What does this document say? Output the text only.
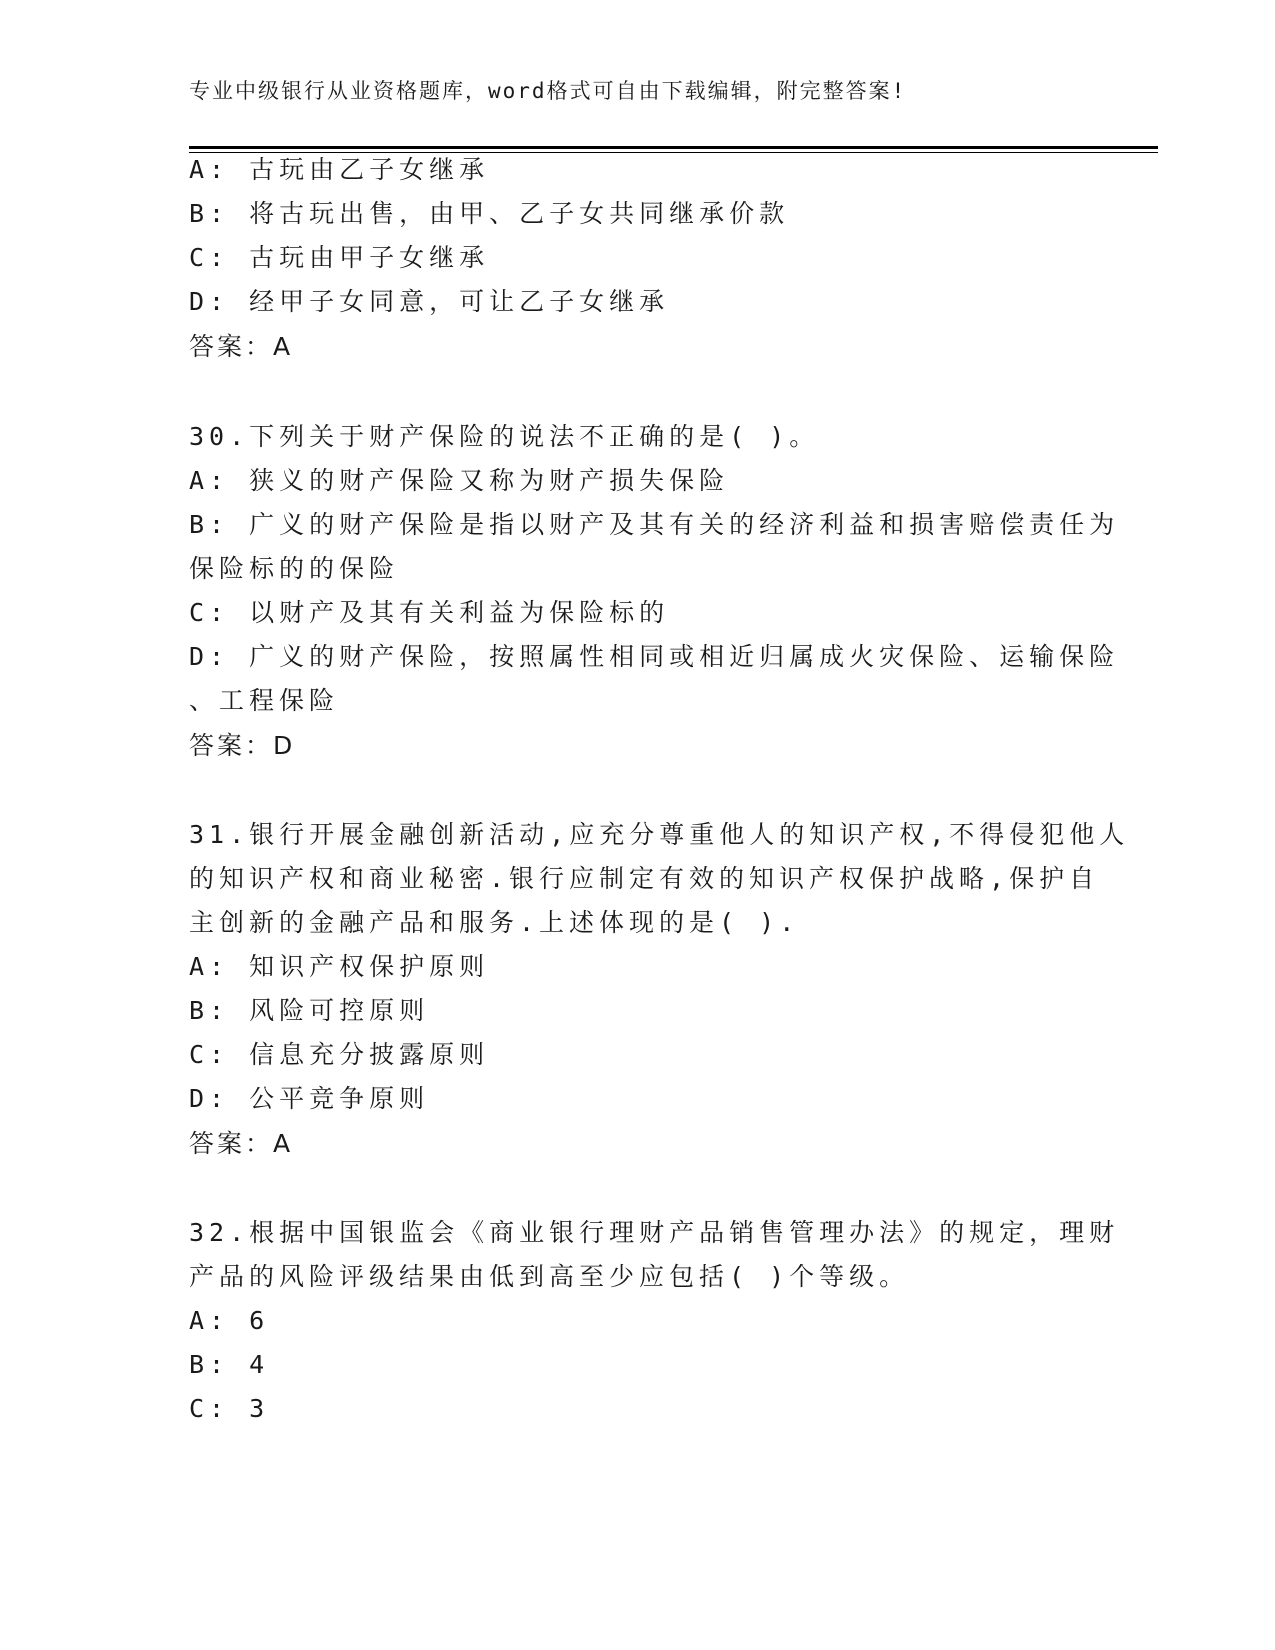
专业中级银行从业资格题库，word格式可自由下载编辑，附完整答案!
A: 古玩由乙子女继承
B: 将古玩出售，由甲、乙子女共同继承价款
C: 古玩由甲子女继承
D: 经甲子女同意，可让乙子女继承
答案：A
30.下列关于财产保险的说法不正确的是( )。
A: 狭义的财产保险又称为财产损失保险
B: 广义的财产保险是指以财产及其有关的经济利益和损害赔偿责任为
保险标的的保险
C: 以财产及其有关利益为保险标的
D: 广义的财产保险，按照属性相同或相近归属成火灾保险、运输保险
、工程保险
答案：D
31.银行开展金融创新活动,应充分尊重他人的知识产权,不得侵犯他人
的知识产权和商业秘密.银行应制定有效的知识产权保护战略,保护自
主创新的金融产品和服务.上述体现的是( ).
A: 知识产权保护原则
B: 风险可控原则
C: 信息充分披露原则
D: 公平竞争原则
答案：A
32.根据中国银监会《商业银行理财产品销售管理办法》的规定，理财
产品的风险评级结果由低到高至少应包括( )个等级。
A: 6
B: 4
C: 3
